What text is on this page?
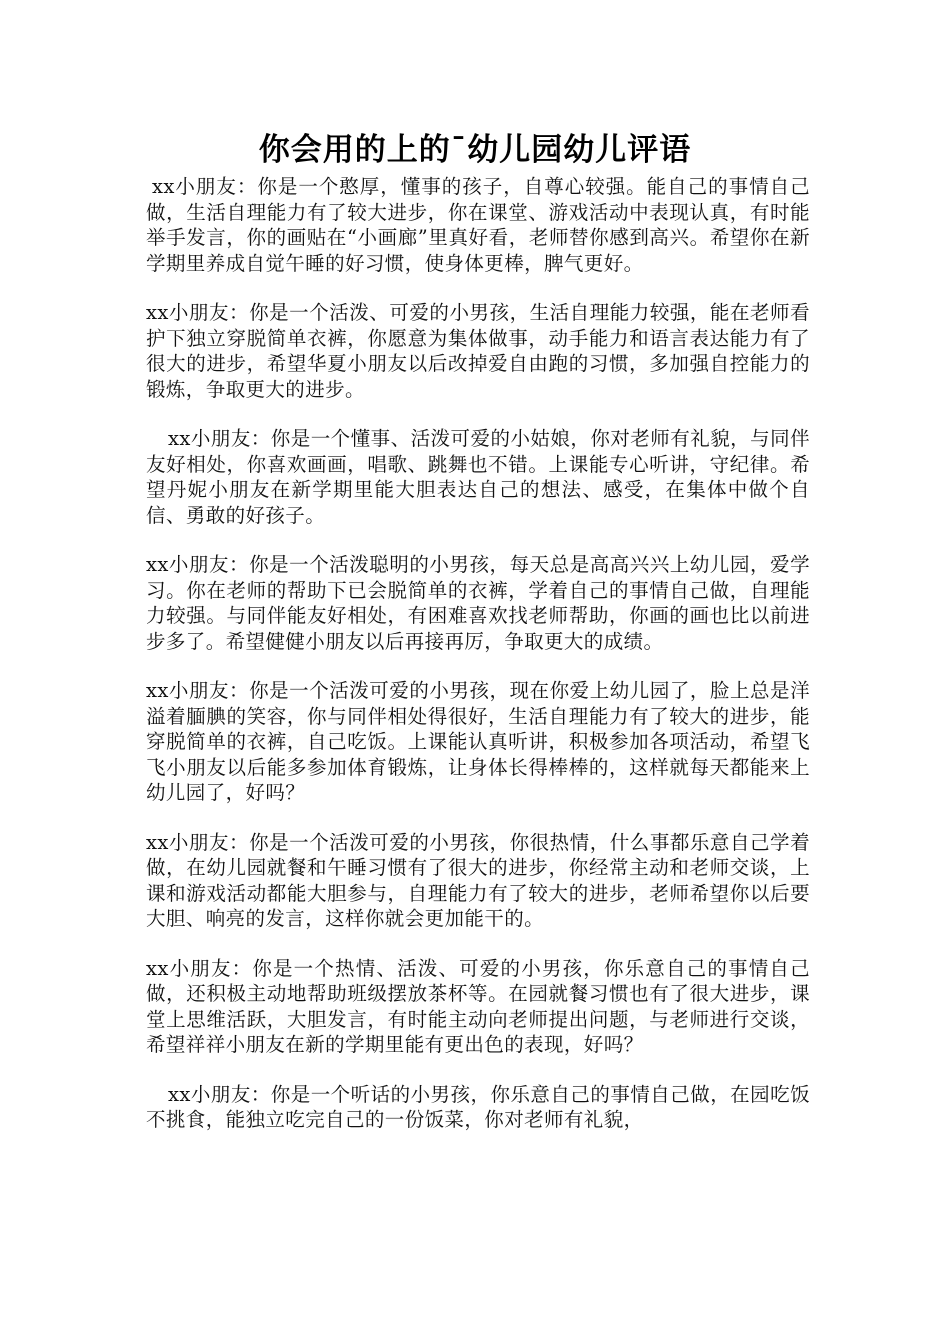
你会用的上的¯幼儿园幼儿评语

xx小朋友：你是一个憨厚，懂事的孩子，自尊心较强。能自己的事情自己做，生活自理能力有了较大进步，你在课堂、游戏活动中表现认真，有时能举手发言，你的画贴在“小画廊”里真好看，老师替你感到高兴。希望你在新学期里养成自觉午睡的好习惯，使身体更棒，脾气更好。

xx小朋友：你是一个活泼、可爱的小男孩，生活自理能力较强，能在老师看护下独立穿脱简单衣裤，你愿意为集体做事，动手能力和语言表达能力有了很大的进步，希望华夏小朋友以后改掉爱自由跑的习惯，多加强自控能力的锻炼，争取更大的进步。

xx小朋友：你是一个懂事、活泼可爱的小姑娘，你对老师有礼貌，与同伴友好相处，你喜欢画画，唱歌、跳舞也不错。上课能专心听讲，守纪律。希望丹妮小朋友在新学期里能大胆表达自己的想法、感受，在集体中做个自信、勇敢的好孩子。

xx小朋友：你是一个活泼聪明的小男孩，每天总是高高兴兴上幼儿园，爱学习。你在老师的帮助下已会脱简单的衣裤，学着自己的事情自己做，自理能力较强。与同伴能友好相处，有困难喜欢找老师帮助，你画的画也比以前进步多了。希望健健小朋友以后再接再厉，争取更大的成绩。

xx小朋友：你是一个活泼可爱的小男孩，现在你爱上幼儿园了，脸上总是洋溢着腼腆的笑容，你与同伴相处得很好，生活自理能力有了较大的进步，能穿脱简单的衣裤，自己吃饭。上课能认真听讲，积极参加各项活动，希望飞飞小朋友以后能多参加体育锻炼，让身体长得棒棒的，这样就每天都能来上幼儿园了，好吗？

xx小朋友：你是一个活泼可爱的小男孩，你很热情，什么事都乐意自己学着做，在幼儿园就餐和午睡习惯有了很大的进步，你经常主动和老师交谈，上课和游戏活动都能大胆参与，自理能力有了较大的进步，老师希望你以后要大胆、响亮的发言，这样你就会更加能干的。

xx小朋友：你是一个热情、活泼、可爱的小男孩，你乐意自己的事情自己做，还积极主动地帮助班级摆放茶杯等。在园就餐习惯也有了很大进步，课堂上思维活跃，大胆发言，有时能主动向老师提出问题，与老师进行交谈，希望祥祥小朋友在新的学期里能有更出色的表现，好吗？

xx小朋友：你是一个听话的小男孩，你乐意自己的事情自己做，在园吃饭不挑食，能独立吃完自己的一份饭菜，你对老师有礼貌，
